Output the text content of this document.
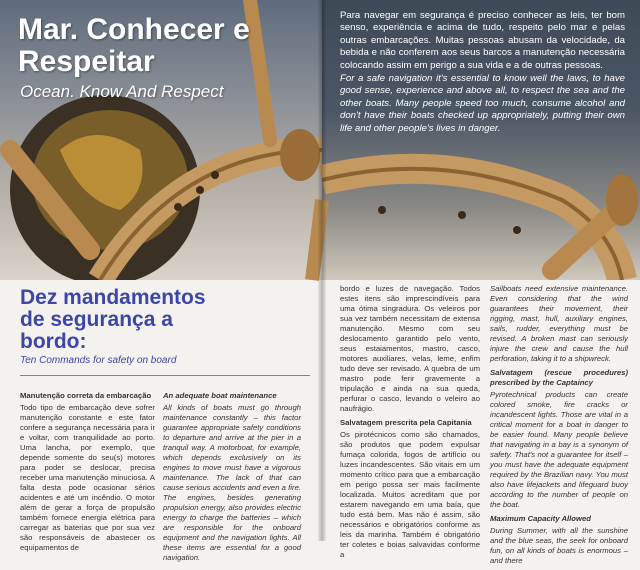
Mar. Conhecer e
Respeitar

Ocean. Know And Respect

Dez mandamentos de segurança a bordo:

Ten Commands for safety on board

Manutenção correta da embarcação

Todo tipo de embarcação deve sofrer manutenção constante e este fator confere a segurança necessária para ir e voltar, com tranquilidade ao porto. Uma lancha, por exemplo, que depende somente do seu(s) motores para poder se deslocar, precisa receber uma manutenção minuciosa. A falta desta pode ocasionar sérios acidentes e até um incêndio. O motor além de gerar a força de propulsão também fornece energia elétrica para carregar as baterias que por sua vez são responsáveis de abastecer os equipamentos de

An adequate boat maintenance

All kinds of boats must go through maintenance constantly – this factor guarantee appropriate safety conditions to departure and arrive at the pier in a tranquil way. A motorboat, for example, which depends exclusively on its engines to move must have a vigorous maintenance. The lack of that can cause serious accidents and even a fire. The engines, besides generating propulsion energy, also provides electric energy to charge the batteries – which are responsible for the onboard equipment and the navigation lights. All these items are essential for a good navigation.

Para navegar em segurança é preciso conhecer as leis, ter bom senso, experiência e acima de tudo, respeito pelo mar e pelas outras embarcações. Muitas pessoas abusam da velocidade, da bebida e não conferem aos seus barcos a manutenção necessária colocando assim em perigo a sua vida e a de outras pessoas.

For a safe navigation it's essential to know well the laws, to have good sense, experience and above all, to respect the sea and the other boats. Many people speed too much, consume alcohol and don't have their boats checked up appropriately, putting their own life and other people's lives in danger.

bordo e luzes de navegação. Todos estes itens são imprescindíveis para uma ótima singradura. Os veleiros por sua vez também necessitam de extensa manutenção. Mesmo com seu deslocamento garantido pelo vento, seus estaiamentos, mastro, casco, motores auxiliares, velas, leme, enfim tudo deve ser revisado. A quebra de um mastro pode ferir gravemente a tripulação e ainda na sua queda, perfurar o casco, levando o veleiro ao naufrágio.

Salvatagem prescrita pela Capitania

Os pirotécnicos como são chamados, são produtos que podem expulsar fumaça colorida, fogos de artifício ou luzes incandescentes. São vitais em um momento crítico para que a embarcação em perigo possa ser mais facilmente localizada. Muitos acreditam que por estarem navegando em uma baía, que tudo está bem. Mas não é assim, são necessários e obrigatórios conforme as leis da marinha. Também é obrigatório ter coletes e boias salvavidas conforme a

Sailboats need extensive maintenance. Even considering that the wind guarantees their movement, their rigging, mast, hull, auxiliary engines, sails, rudder, everything must be revised. A broken mast can seriously injure the crew and cause the hull perforation, taking it to a shipwreck.

Salvatagem (rescue procedures) prescribed by the Captaincy

Pyrotechnical products can create colored smoke, fire cracks or incandescent lights. Those are vital in a critical moment for a boat in danger to be easier found. Many people believe that navigating in a bay is a synonym of safety. That's not a guarantee for itself – you must have the adequate equipment required by the Brazilian navy. You must also have lifejackets and lifeguard buoy according to the number of people on the boat.

Maximum Capacity Allowed

During Summer, with all the sunshine and the blue seas, the seek for onboard fun, on all kinds of boats is enormous – and there
